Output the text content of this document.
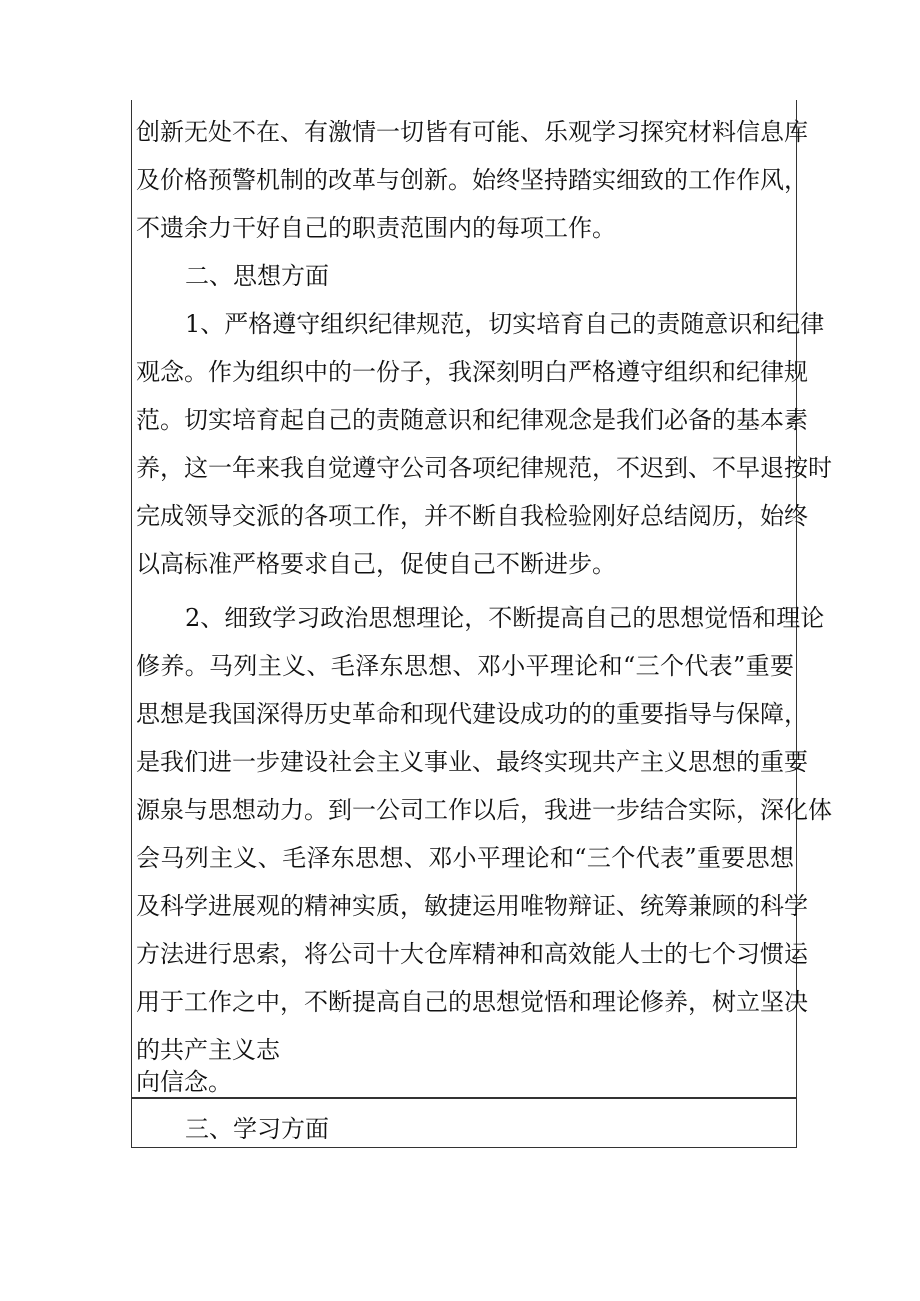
创新无处不在、有激情一切皆有可能、乐观学习探究材料信息库
及价格预警机制的改革与创新。始终坚持踏实细致的工作作风，
不遗余力干好自己的职责范围内的每项工作。
二、思想方面
1、严格遵守组织纪律规范，切实培育自己的责随意识和纪律
观念。作为组织中的一份子，我深刻明白严格遵守组织和纪律规
范。切实培育起自己的责随意识和纪律观念是我们必备的基本素
养，这一年来我自觉遵守公司各项纪律规范，不迟到、不早退按时
完成领导交派的各项工作，并不断自我检验刚好总结阅历，始终
以高标准严格要求自己，促使自己不断进步。
2、细致学习政治思想理论，不断提高自己的思想觉悟和理论
修养。马列主义、毛泽东思想、邓小平理论和“三个代表”重要
思想是我国深得历史革命和现代建设成功的的重要指导与保障，
是我们进一步建设社会主义事业、最终实现共产主义思想的重要
源泉与思想动力。到一公司工作以后，我进一步结合实际，深化体
会马列主义、毛泽东思想、邓小平理论和“三个代表”重要思想
及科学进展观的精神实质，敏捷运用唯物辩证、统筹兼顾的科学
方法进行思索，将公司十大仓库精神和高效能人士的七个习惯运
用于工作之中，不断提高自己的思想觉悟和理论修养，树立坚决
的共产主义志
向信念。
三、学习方面
